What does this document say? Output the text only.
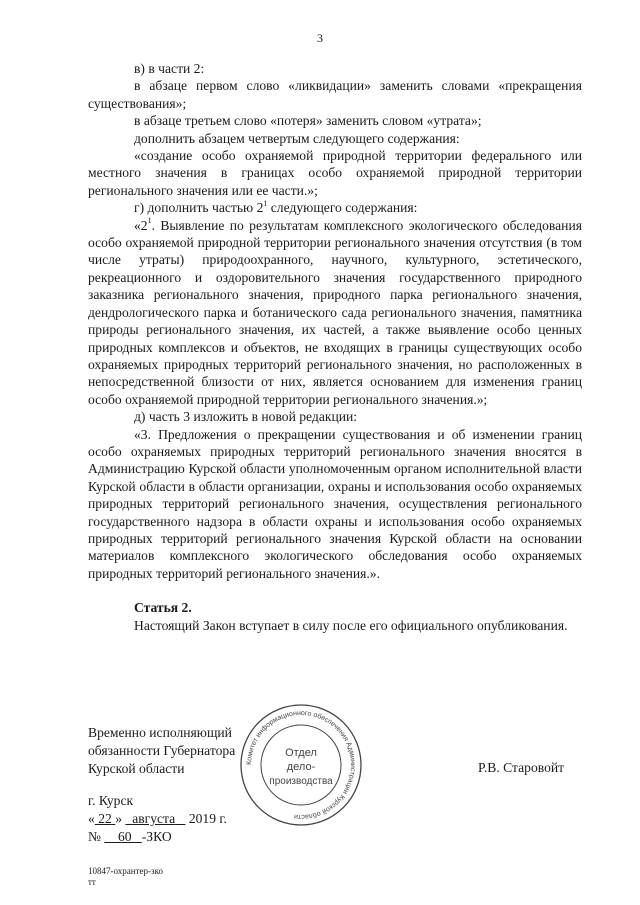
3

в) в части 2:

в абзаце первом слово «ликвидации» заменить словами «прекращения существования»;

в абзаце третьем слово «потеря» заменить словом «утрата»;

дополнить абзацем четвертым следующего содержания:

«создание особо охраняемой природной территории федерального или местного значения в границах особо охраняемой природной территории регионального значения или ее части.»;

г) дополнить частью $2^1$ следующего содержания:

«$2^1$. Выявление по результатам комплексного экологического обследования особо охраняемой природной территории регионального значения отсутствия (в том числе утраты) природоохранного, научного, культурного, эстетического, рекреационного и оздоровительного значения государственного природного заказника регионального значения, природного парка регионального значения, дендрологического парка и ботанического сада регионального значения, памятника природы регионального значения, их частей, а также выявление особо ценных природных комплексов и объектов, не входящих в границы существующих особо охраняемых природных территорий регионального значения, но расположенных в непосредственной близости от них, является основанием для изменения границ особо охраняемой природной территории регионального значения.»;

д) часть 3 изложить в новой редакции:

«3. Предложения о прекращении существования и об изменении границ особо охраняемых природных территорий регионального значения вносятся в Администрацию Курской области уполномоченным органом исполнительной власти Курской области в области организации, охраны и использования особо охраняемых природных территорий регионального значения, осуществления регионального государственного надзора в области охраны и использования особо охраняемых природных территорий регионального значения Курской области на основании материалов комплексного экологического обследования особо охраняемых природных территорий регионального значения.».

Статья 2.

Настоящий Закон вступает в силу после его официального опубликования.

Временно исполняющий
обязанности Губернатора
Курской области	Р.В. Старовойт
Комитет информационного обеспечения Администрации Курской области
Отдел
дело-
производства
г. Курск
« 22 » августа 2019 г.
№ 60 -ЗКО
10847-охрантер-зко
тт
